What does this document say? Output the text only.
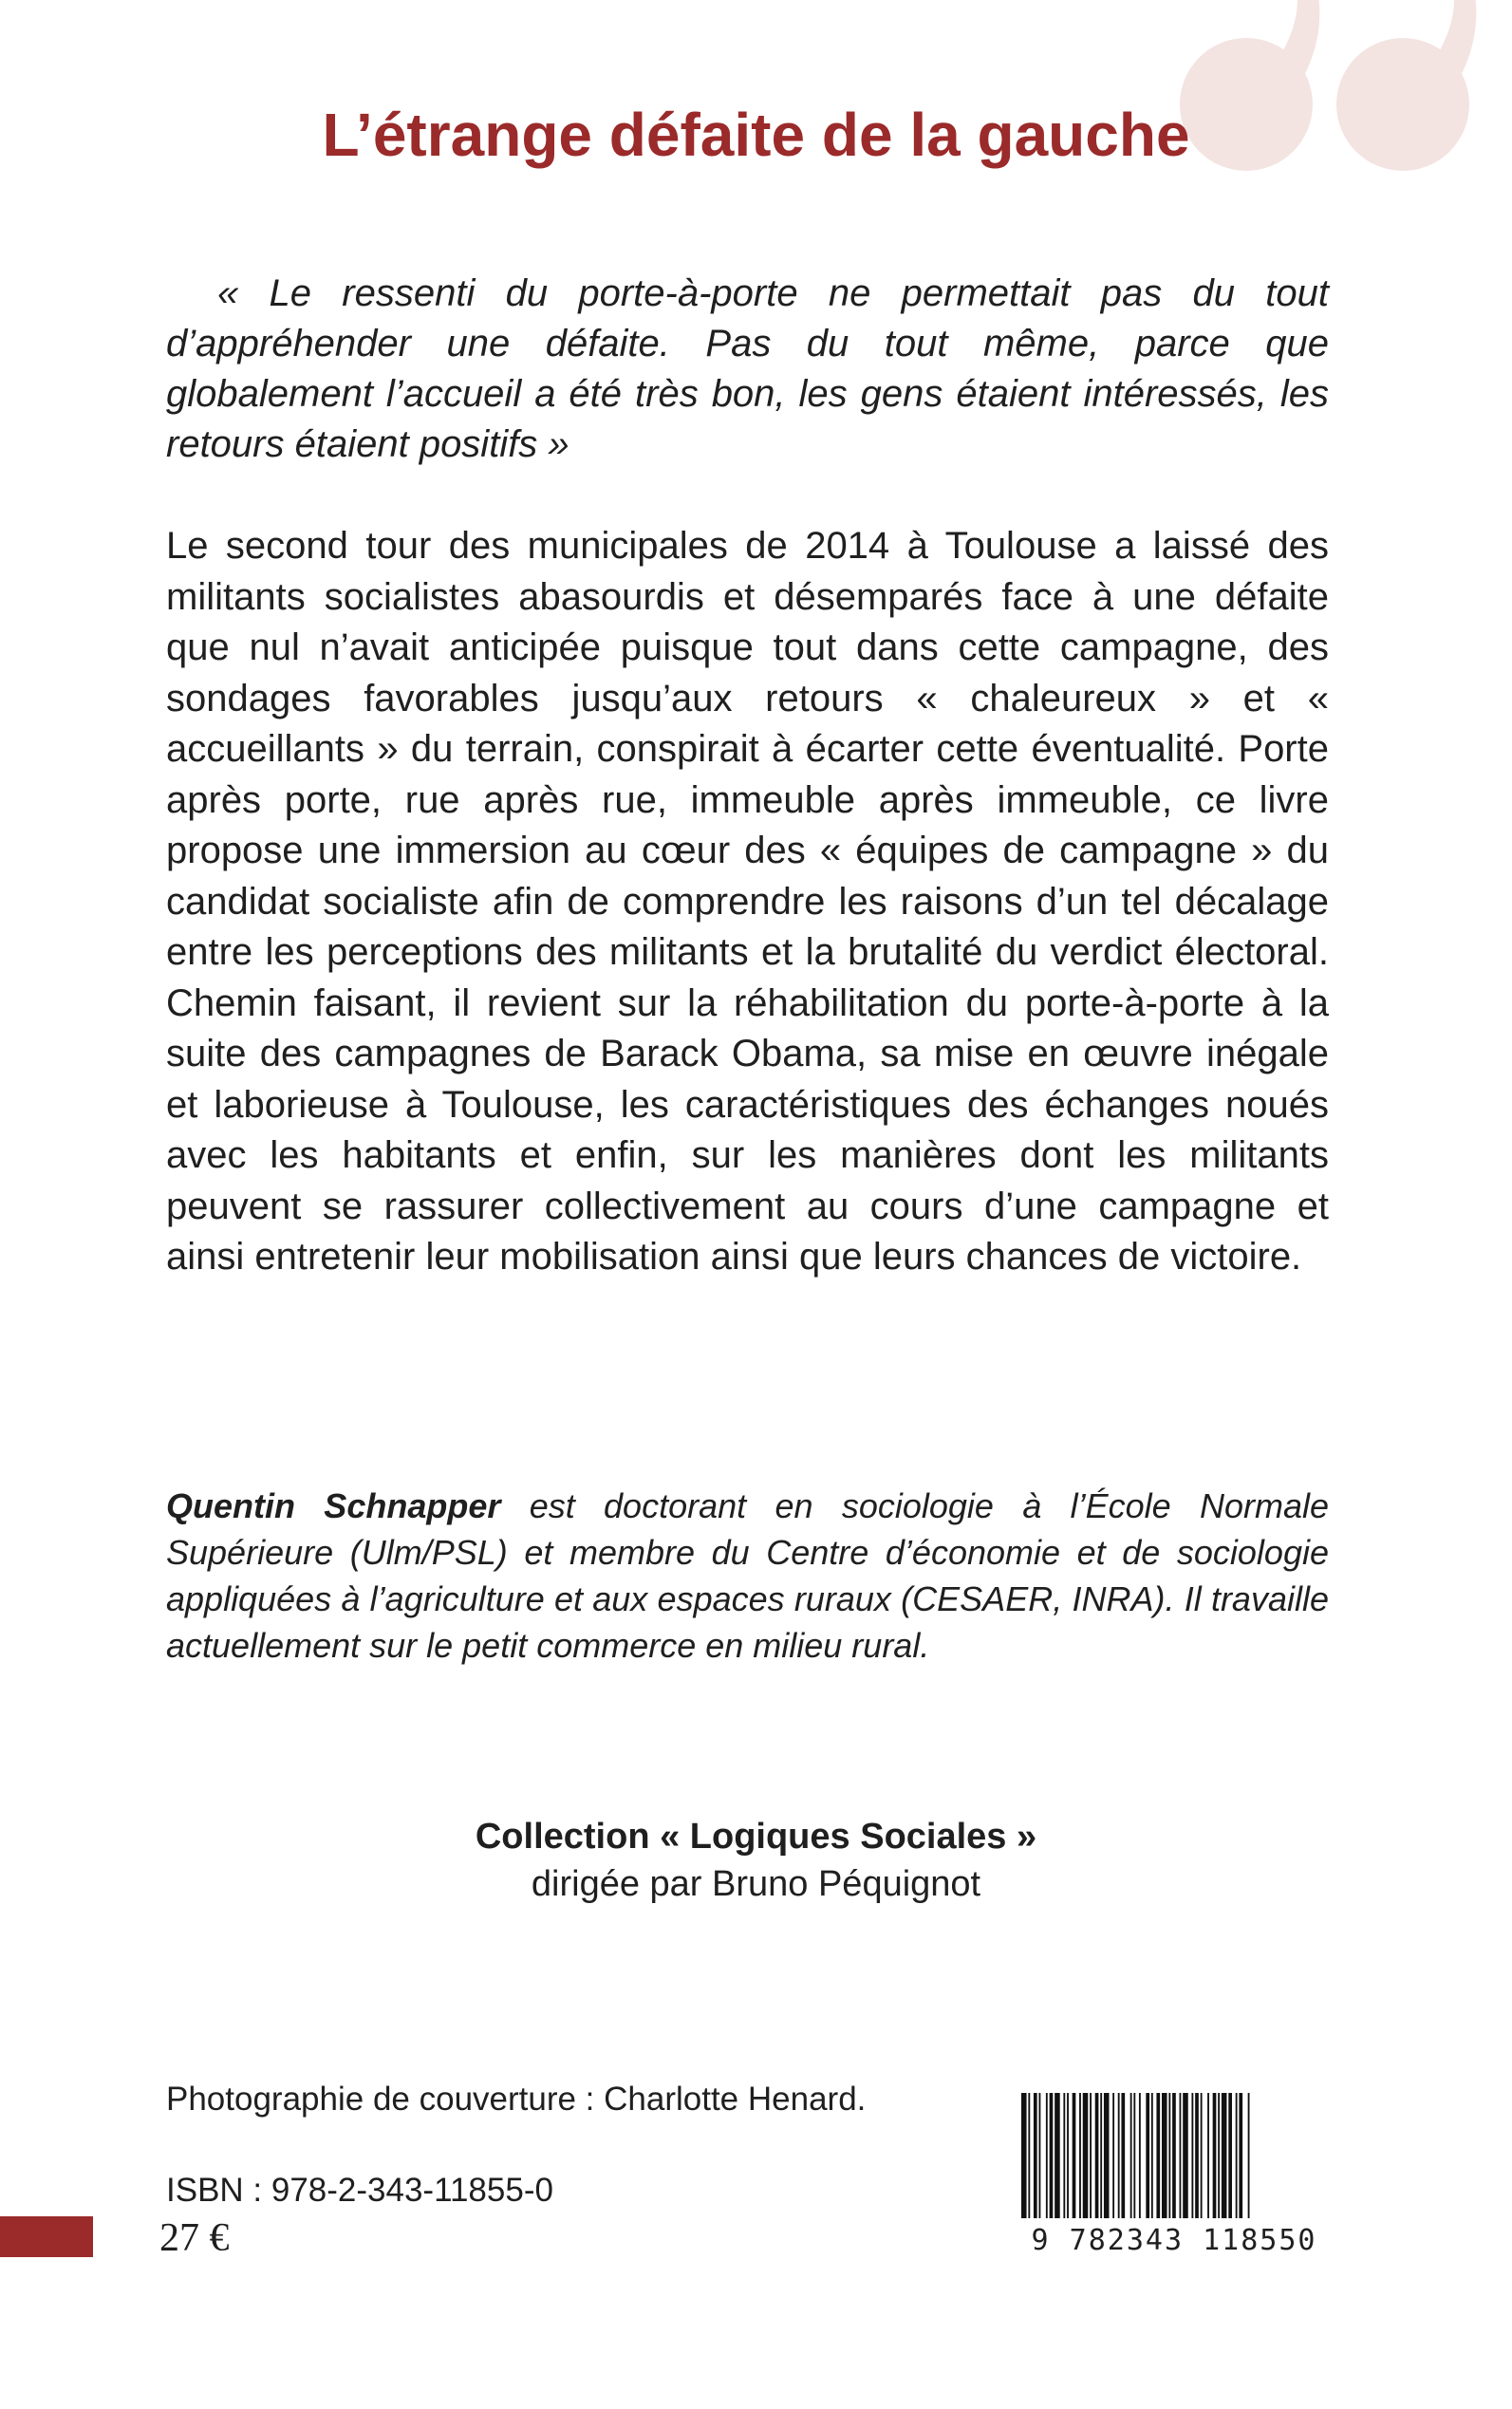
L’étrange défaite de la gauche

« Le ressenti du porte-à-porte ne permettait pas du tout d’appréhender une défaite. Pas du tout même, parce que globalement l’accueil a été très bon, les gens étaient intéressés, les retours étaient positifs »

Le second tour des municipales de 2014 à Toulouse a laissé des militants socialistes abasourdis et désemparés face à une défaite que nul n’avait anticipée puisque tout dans cette campagne, des sondages favorables jusqu’aux retours « chaleureux » et « accueillants » du terrain, conspirait à écarter cette éventualité. Porte après porte, rue après rue, immeuble après immeuble, ce livre propose une immersion au cœur des « équipes de campagne » du candidat socialiste afin de comprendre les raisons d’un tel décalage entre les perceptions des militants et la brutalité du verdict électoral. Chemin faisant, il revient sur la réhabilitation du porte-à-porte à la suite des campagnes de Barack Obama, sa mise en œuvre inégale et laborieuse à Toulouse, les caractéristiques des échanges noués avec les habitants et enfin, sur les manières dont les militants peuvent se rassurer collectivement au cours d’une campagne et ainsi entretenir leur mobilisation ainsi que leurs chances de victoire.

Quentin Schnapper est doctorant en sociologie à l’École Normale Supérieure (Ulm/PSL) et membre du Centre d’économie et de sociologie appliquées à l’agriculture et aux espaces ruraux (CESAER, INRA). Il travaille actuellement sur le petit commerce en milieu rural.

Collection « Logiques Sociales »
dirigée par Bruno Péquignot
Photographie de couverture : Charlotte Henard.
ISBN : 978-2-343-11855-0
27 €	9 782343 118550
